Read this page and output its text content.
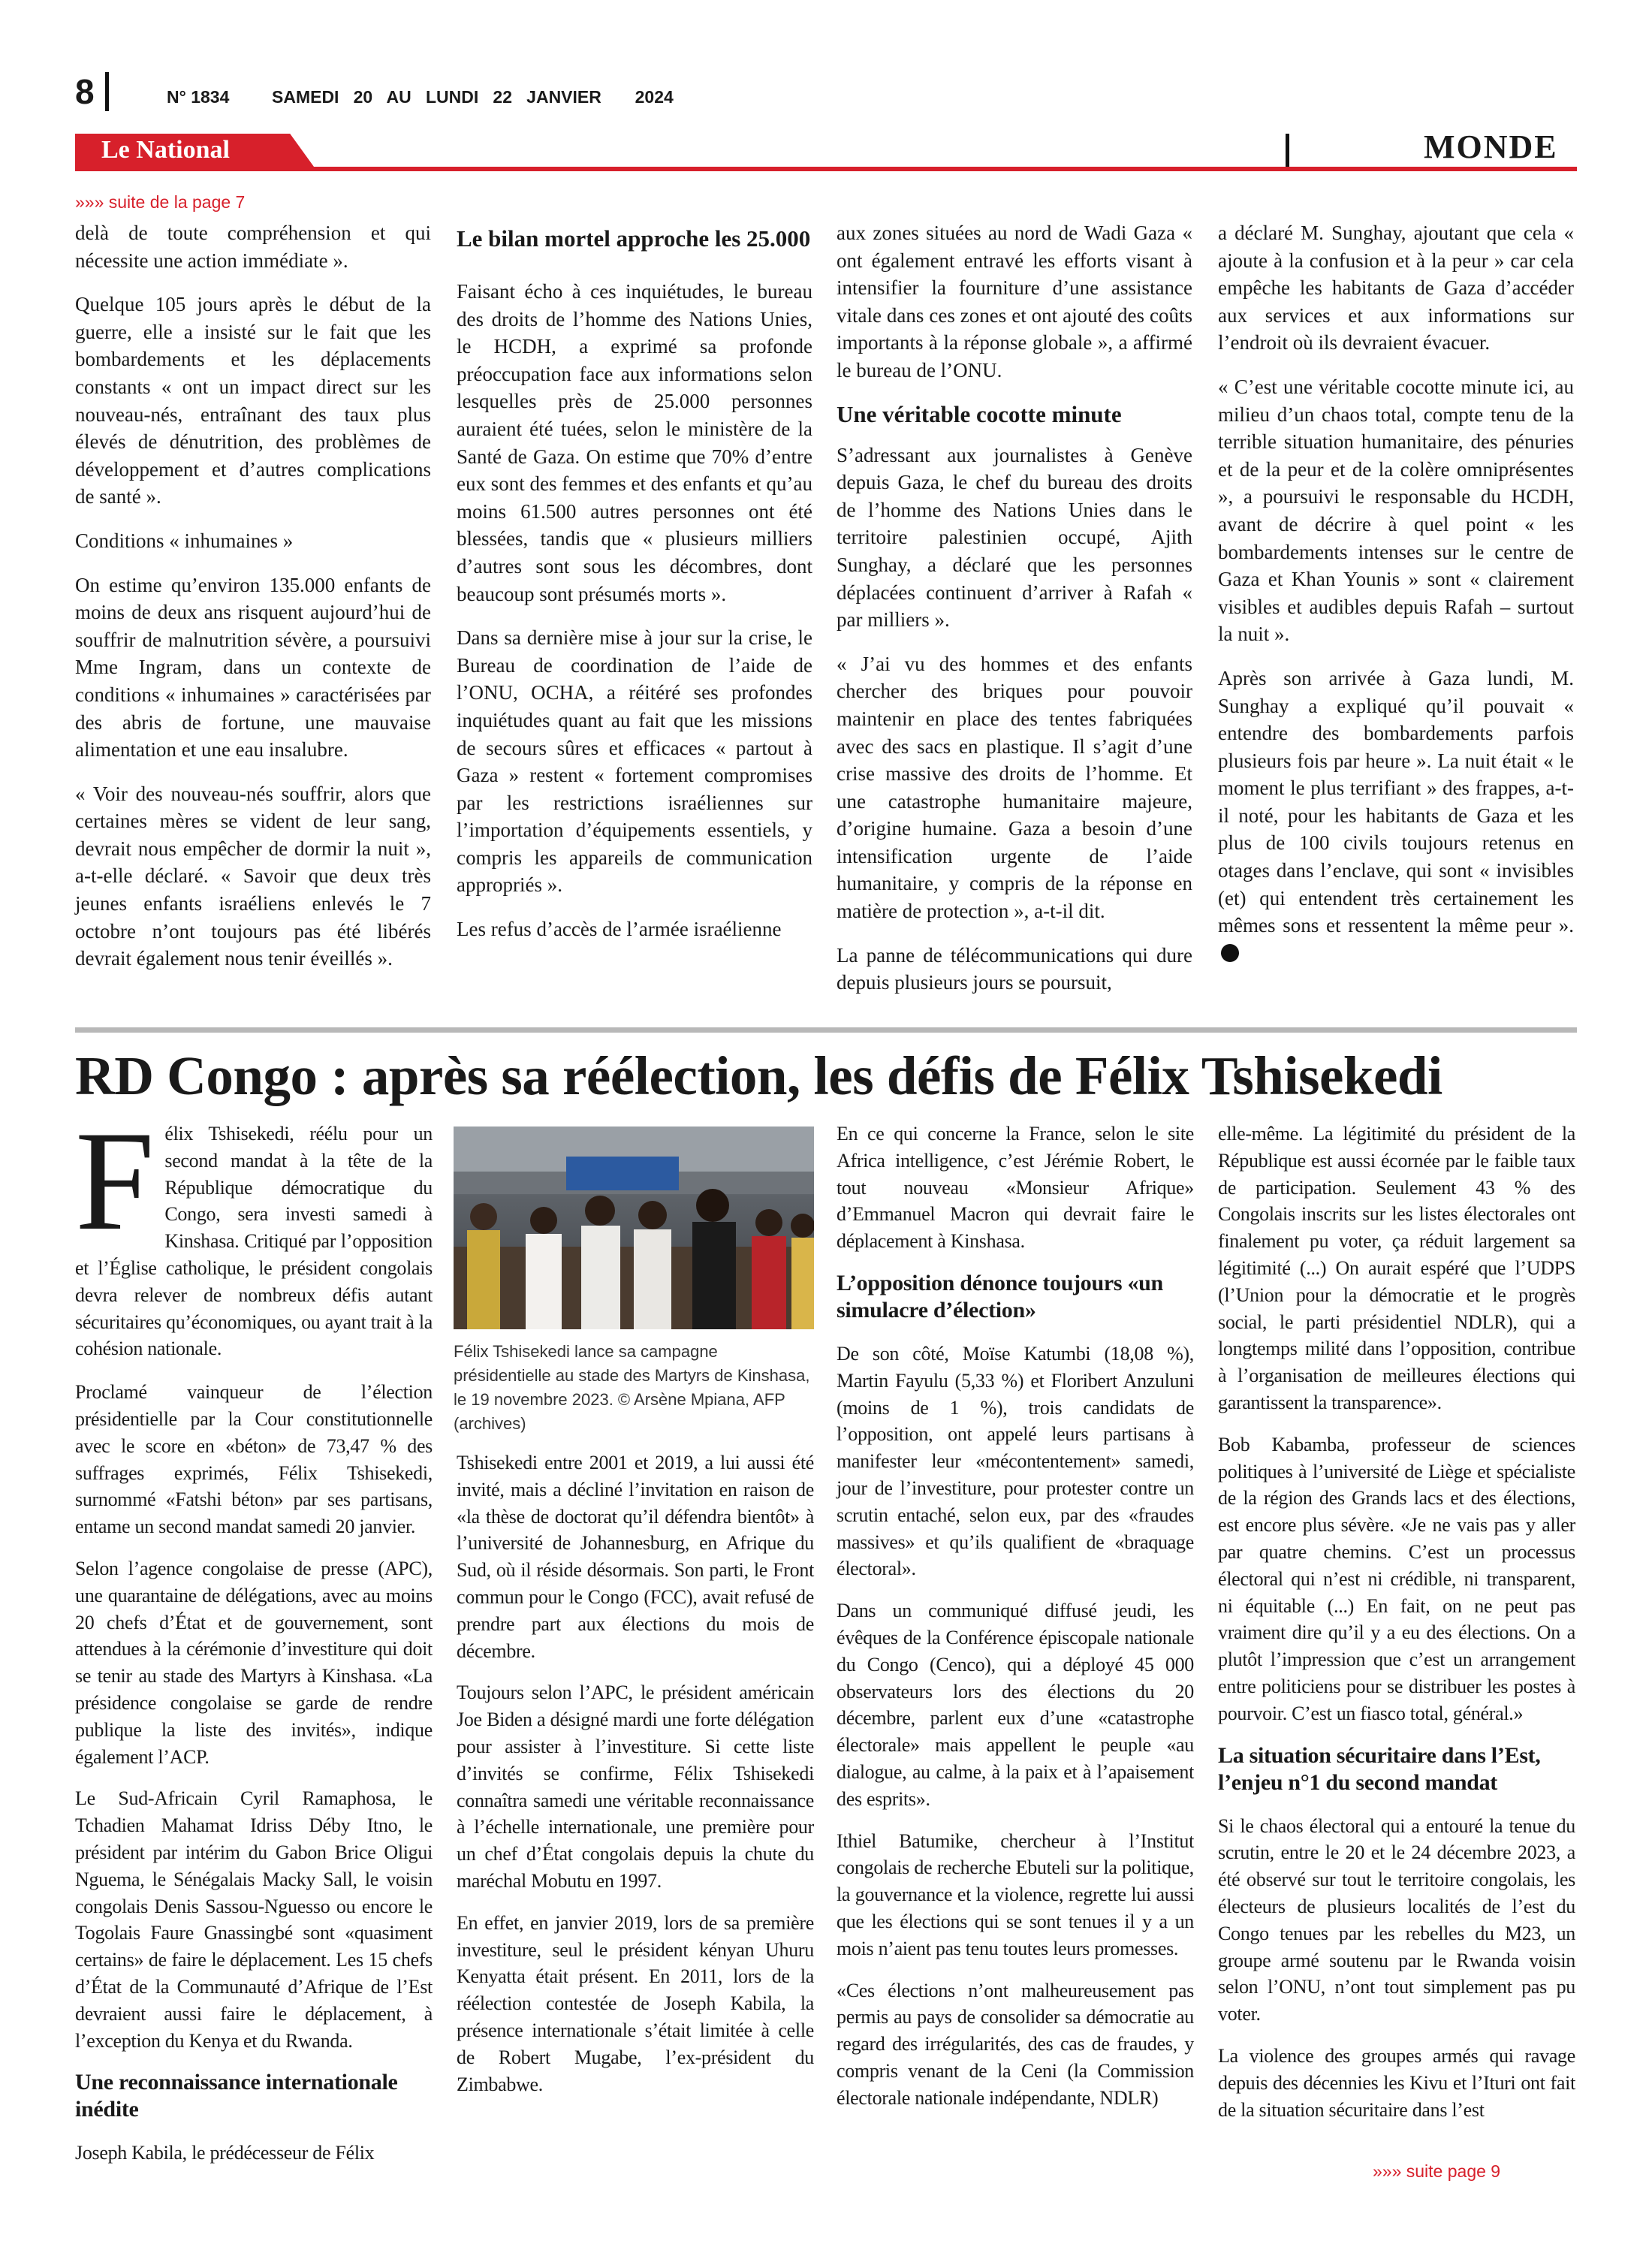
8	N° 1834 SAMEDI 20 AU LUNDI 22 JANVIER 2024
Le National	MONDE
»»» suite de la page 7

delà de toute compréhension et qui nécessite une action immédiate ».

Quelque 105 jours après le début de la guerre, elle a insisté sur le fait que les bombardements et les déplacements constants « ont un impact direct sur les nouveau-nés, entraînant des taux plus élevés de dénutrition, des problèmes de développement et d’autres complications de santé ».

Conditions « inhumaines »

On estime qu’environ 135.000 enfants de moins de deux ans risquent aujourd’hui de souffrir de malnutrition sévère, a poursuivi Mme Ingram, dans un contexte de conditions « inhumaines » caractérisées par des abris de fortune, une mauvaise alimentation et une eau insalubre.

« Voir des nouveau-nés souffrir, alors que certaines mères se vident de leur sang, devrait nous empêcher de dormir la nuit », a-t-elle déclaré. « Savoir que deux très jeunes enfants israéliens enlevés le 7 octobre n’ont toujours pas été libérés devrait également nous tenir éveillés ».

Le bilan mortel approche les 25.000

Faisant écho à ces inquiétudes, le bureau des droits de l’homme des Nations Unies, le HCDH, a exprimé sa profonde préoccupation face aux informations selon lesquelles près de 25.000 personnes auraient été tuées, selon le ministère de la Santé de Gaza. On estime que 70% d’entre eux sont des femmes et des enfants et qu’au moins 61.500 autres personnes ont été blessées, tandis que « plusieurs milliers d’autres sont sous les décombres, dont beaucoup sont présumés morts ».

Dans sa dernière mise à jour sur la crise, le Bureau de coordination de l’aide de l’ONU, OCHA, a réitéré ses profondes inquiétudes quant au fait que les missions de secours sûres et efficaces « partout à Gaza » restent « fortement compromises par les restrictions israéliennes sur l’importation d’équipements essentiels, y compris les appareils de communication appropriés ».

Les refus d’accès de l’armée israélienne

aux zones situées au nord de Wadi Gaza « ont également entravé les efforts visant à intensifier la fourniture d’une assistance vitale dans ces zones et ont ajouté des coûts importants à la réponse globale », a affirmé le bureau de l’ONU.

Une véritable cocotte minute

S’adressant aux journalistes à Genève depuis Gaza, le chef du bureau des droits de l’homme des Nations Unies dans le territoire palestinien occupé, Ajith Sunghay, a déclaré que les personnes déplacées continuent d’arriver à Rafah « par milliers ».

« J’ai vu des hommes et des enfants chercher des briques pour pouvoir maintenir en place des tentes fabriquées avec des sacs en plastique. Il s’agit d’une crise massive des droits de l’homme. Et une catastrophe humanitaire majeure, d’origine humaine. Gaza a besoin d’une intensification urgente de l’aide humanitaire, y compris de la réponse en matière de protection », a-t-il dit.

La panne de télécommunications qui dure depuis plusieurs jours se poursuit,

a déclaré M. Sunghay, ajoutant que cela « ajoute à la confusion et à la peur » car cela empêche les habitants de Gaza d’accéder aux services et aux informations sur l’endroit où ils devraient évacuer.

« C’est une véritable cocotte minute ici, au milieu d’un chaos total, compte tenu de la terrible situation humanitaire, des pénuries et de la peur et de la colère omniprésentes », a poursuivi le responsable du HCDH, avant de décrire à quel point « les bombardements intenses sur le centre de Gaza et Khan Younis » sont « clairement visibles et audibles depuis Rafah – surtout la nuit ».

Après son arrivée à Gaza lundi, M. Sunghay a expliqué qu’il pouvait « entendre des bombardements parfois plusieurs fois par heure ». La nuit était « le moment le plus terrifiant » des frappes, a-t-il noté, pour les habitants de Gaza et les plus de 100 civils toujours retenus en otages dans l’enclave, qui sont « invisibles (et) qui entendent très certainement les mêmes sons et ressentent la même peur ».

RD Congo : après sa réélection, les défis de Félix Tshisekedi

Félix Tshisekedi, réélu pour un second mandat à la tête de la République démocratique du Congo, sera investi samedi à Kinshasa. Critiqué par l’opposition et l’Église catholique, le président congolais devra relever de nombreux défis autant sécuritaires qu’économiques, ou ayant trait à la cohésion nationale.

Proclamé vainqueur de l’élection présidentielle par la Cour constitutionnelle avec le score en «béton» de 73,47 % des suffrages exprimés, Félix Tshisekedi, surnommé «Fatshi béton» par ses partisans, entame un second mandat samedi 20 janvier.

Selon l’agence congolaise de presse (APC), une quarantaine de délégations, avec au moins 20 chefs d’État et de gouvernement, sont attendues à la cérémonie d’investiture qui doit se tenir au stade des Martyrs à Kinshasa. «La présidence congolaise se garde de rendre publique la liste des invités», indique également l’ACP.

Le Sud-Africain Cyril Ramaphosa, le Tchadien Mahamat Idriss Déby Itno, le président par intérim du Gabon Brice Oligui Nguema, le Sénégalais Macky Sall, le voisin congolais Denis Sassou-Nguesso ou encore le Togolais Faure Gnassingbé sont «quasiment certains» de faire le déplacement. Les 15 chefs d’État de la Communauté d’Afrique de l’Est devraient aussi faire le déplacement, à l’exception du Kenya et du Rwanda.

Une reconnaissance internationale inédite

Joseph Kabila, le prédécesseur de Félix

Félix Tshisekedi lance sa campagne présidentielle au stade des Martyrs de Kinshasa, le 19 novembre 2023. © Arsène Mpiana, AFP (archives)

Tshisekedi entre 2001 et 2019, a lui aussi été invité, mais a décliné l’invitation en raison de «la thèse de doctorat qu’il défendra bientôt» à l’université de Johannesburg, en Afrique du Sud, où il réside désormais. Son parti, le Front commun pour le Congo (FCC), avait refusé de prendre part aux élections du mois de décembre.

Toujours selon l’APC, le président américain Joe Biden a désigné mardi une forte délégation pour assister à l’investiture. Si cette liste d’invités se confirme, Félix Tshisekedi connaîtra samedi une véritable reconnaissance à l’échelle internationale, une première pour un chef d’État congolais depuis la chute du maréchal Mobutu en 1997.

En effet, en janvier 2019, lors de sa première investiture, seul le président kényan Uhuru Kenyatta était présent. En 2011, lors de la réélection contestée de Joseph Kabila, la présence internationale s’était limitée à celle de Robert Mugabe, l’ex-président du Zimbabwe.

En ce qui concerne la France, selon le site Africa intelligence, c’est Jérémie Robert, le tout nouveau «Monsieur Afrique» d’Emmanuel Macron qui devrait faire le déplacement à Kinshasa.

L’opposition dénonce toujours «un simulacre d’élection»

De son côté, Moïse Katumbi (18,08 %), Martin Fayulu (5,33 %) et Floribert Anzuluni (moins de 1 %), trois candidats de l’opposition, ont appelé leurs partisans à manifester leur «mécontentement» samedi, jour de l’investiture, pour protester contre un scrutin entaché, selon eux, par des «fraudes massives» et qu’ils qualifient de «braquage électoral».

Dans un communiqué diffusé jeudi, les évêques de la Conférence épiscopale nationale du Congo (Cenco), qui a déployé 45 000 observateurs lors des élections du 20 décembre, parlent eux d’une «catastrophe électorale» mais appellent le peuple «au dialogue, au calme, à la paix et à l’apaisement des esprits».

Ithiel Batumike, chercheur à l’Institut congolais de recherche Ebuteli sur la politique, la gouvernance et la violence, regrette lui aussi que les élections qui se sont tenues il y a un mois n’aient pas tenu toutes leurs promesses.

«Ces élections n’ont malheureusement pas permis au pays de consolider sa démocratie au regard des irrégularités, des cas de fraudes, y compris venant de la Ceni (la Commission électorale nationale indépendante, NDLR)

elle-même. La légitimité du président de la République est aussi écornée par le faible taux de participation. Seulement 43 % des Congolais inscrits sur les listes électorales ont finalement pu voter, ça réduit largement sa légitimité (...) On aurait espéré que l’UDPS (l’Union pour la démocratie et le progrès social, le parti présidentiel NDLR), qui a longtemps milité dans l’opposition, contribue à l’organisation de meilleures élections qui garantissent la transparence».

Bob Kabamba, professeur de sciences politiques à l’université de Liège et spécialiste de la région des Grands lacs et des élections, est encore plus sévère. «Je ne vais pas y aller par quatre chemins. C’est un processus électoral qui n’est ni crédible, ni transparent, ni équitable (...) En fait, on ne peut pas vraiment dire qu’il y a eu des élections. On a plutôt l’impression que c’est un arrangement entre politiciens pour se distribuer les postes à pourvoir. C’est un fiasco total, général.»

La situation sécuritaire dans l’Est, l’enjeu n°1 du second mandat

Si le chaos électoral qui a entouré la tenue du scrutin, entre le 20 et le 24 décembre 2023, a été observé sur tout le territoire congolais, les électeurs de plusieurs localités de l’est du Congo tenues par les rebelles du M23, un groupe armé soutenu par le Rwanda voisin selon l’ONU, n’ont tout simplement pas pu voter.

La violence des groupes armés qui ravage depuis des décennies les Kivu et l’Ituri ont fait de la situation sécuritaire dans l’est

»»» suite page 9
